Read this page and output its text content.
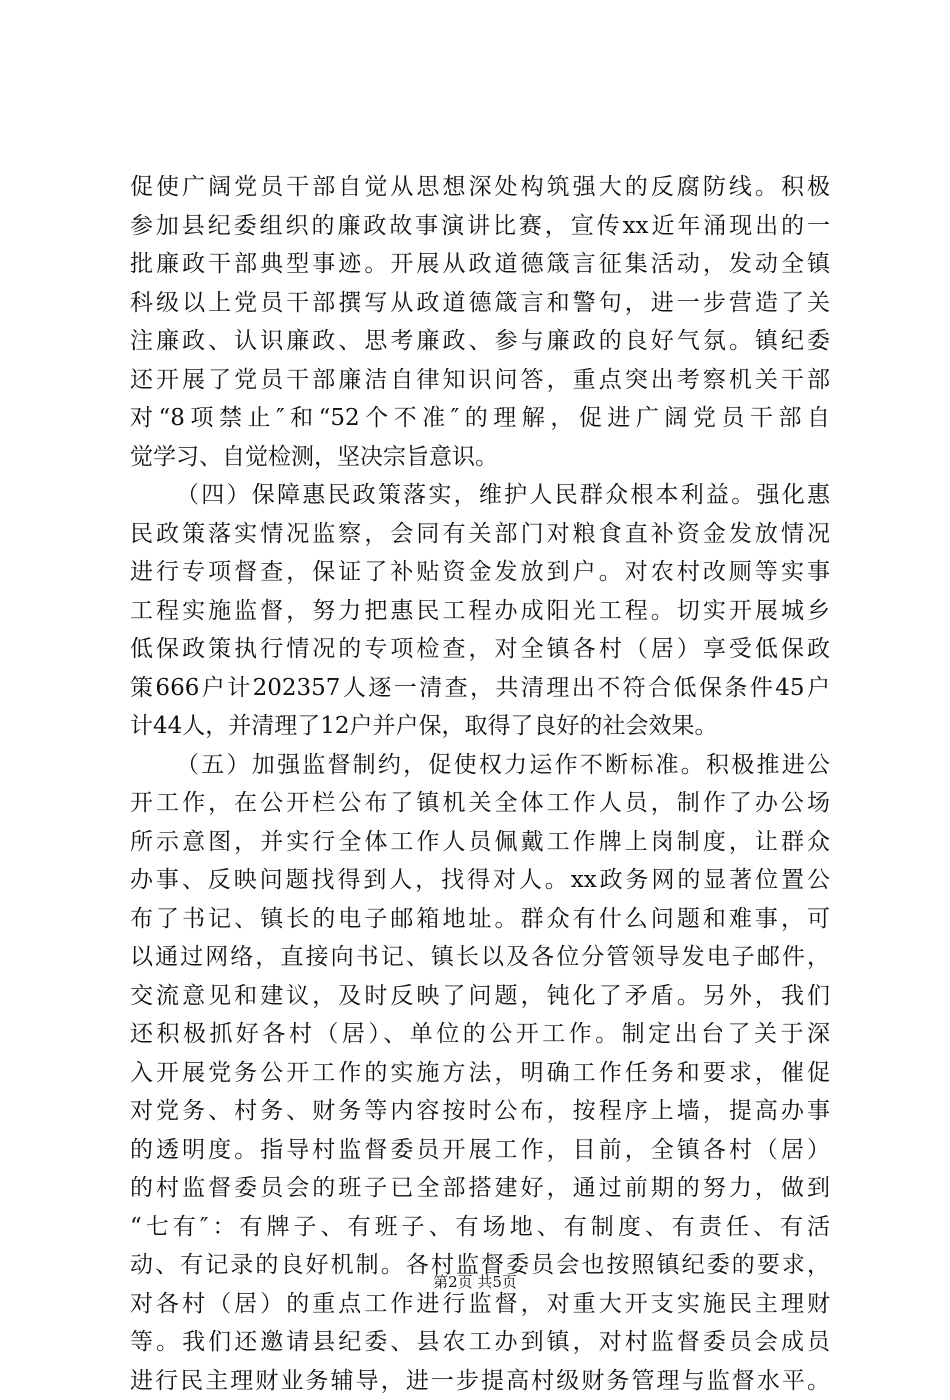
促使广阔党员干部自觉从思想深处构筑强大的反腐防线。积极
参加县纪委组织的廉政故事演讲比赛，宣传xx近年涌现出的一
批廉政干部典型事迹。开展从政道德箴言征集活动，发动全镇
科级以上党员干部撰写从政道德箴言和警句，进一步营造了关
注廉政、认识廉政、思考廉政、参与廉政的良好气氛。镇纪委
还开展了党员干部廉洁自律知识问答，重点突出考察机关干部
对“8项禁止″和“52个不准″的理解，促进广阔党员干部自
觉学习、自觉检测，坚决宗旨意识。
（四）保障惠民政策落实，维护人民群众根本利益。强化惠
民政策落实情况监察，会同有关部门对粮食直补资金发放情况
进行专项督查，保证了补贴资金发放到户。对农村改厕等实事
工程实施监督，努力把惠民工程办成阳光工程。切实开展城乡
低保政策执行情况的专项检查，对全镇各村（居）享受低保政
策666户计202357人逐一清查，共清理出不符合低保条件45户
计44人，并清理了12户并户保，取得了良好的社会效果。
（五）加强监督制约，促使权力运作不断标准。积极推进公
开工作，在公开栏公布了镇机关全体工作人员，制作了办公场
所示意图，并实行全体工作人员佩戴工作牌上岗制度，让群众
办事、反映问题找得到人，找得对人。xx政务网的显著位置公
布了书记、镇长的电子邮箱地址。群众有什么问题和难事，可
以通过网络，直接向书记、镇长以及各位分管领导发电子邮件，
交流意见和建议，及时反映了问题，钝化了矛盾。另外，我们
还积极抓好各村（居）、单位的公开工作。制定出台了关于深
入开展党务公开工作的实施方法，明确工作任务和要求，催促
对党务、村务、财务等内容按时公布，按程序上墙，提高办事
的透明度。指导村监督委员开展工作，目前，全镇各村（居）
的村监督委员会的班子已全部搭建好，通过前期的努力，做到
“七有″：有牌子、有班子、有场地、有制度、有责任、有活
动、有记录的良好机制。各村监督委员会也按照镇纪委的要求，
对各村（居）的重点工作进行监督，对重大开支实施民主理财
等。我们还邀请县纪委、县农工办到镇，对村监督委员会成员
进行民主理财业务辅导，进一步提高村级财务管理与监督水平。
第2页 共5页
